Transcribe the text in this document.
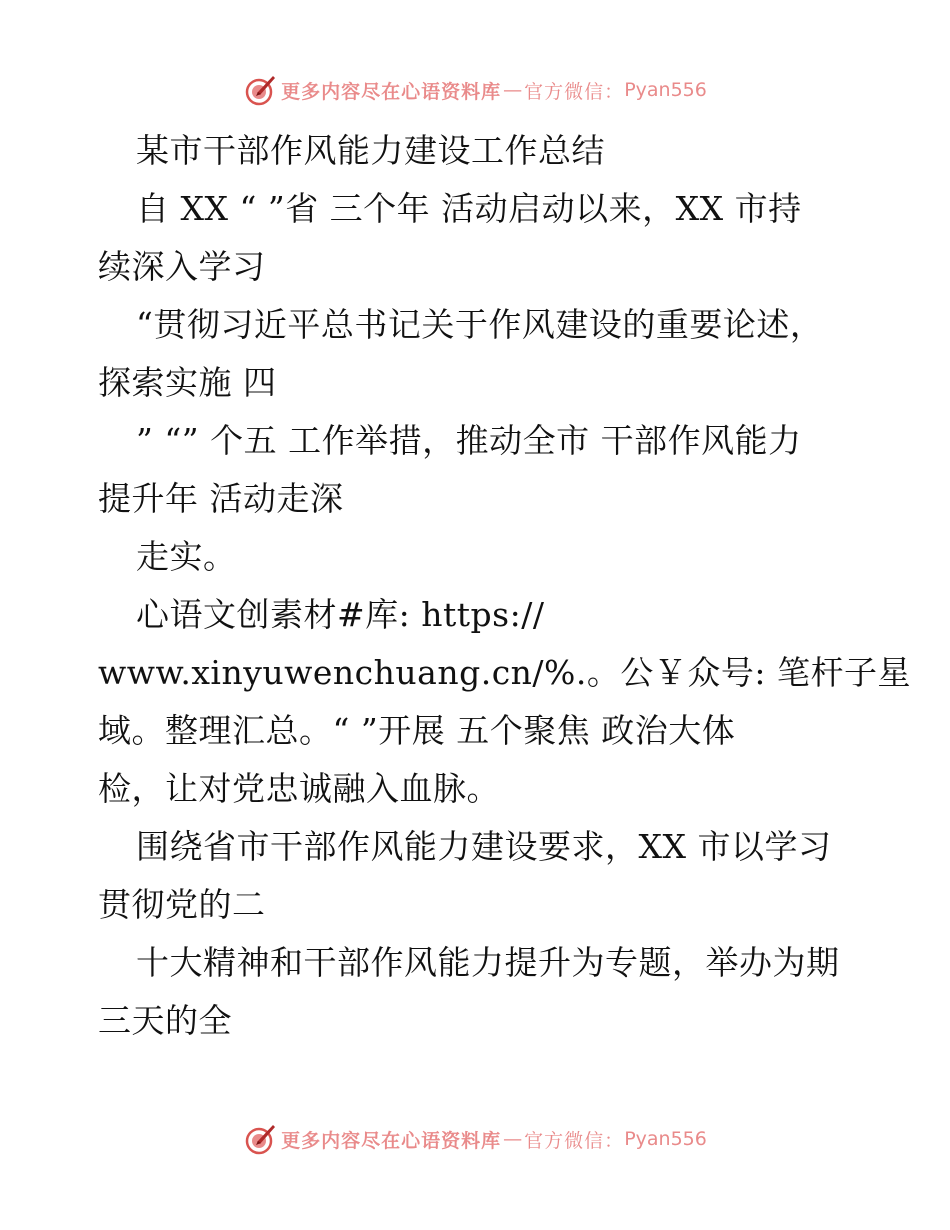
更多内容尽在心语资料库 — 官方微信： Pyan556
某市干部作风能力建设工作总结
自 XX “ ”省 三个年 活动启动以来，XX 市持
续深入学习
“贯彻习近平总书记关于作风建设的重要论述，
探索实施 四
” “” 个五 工作举措，推动全市 干部作风能力
提升年 活动走深
走实。
心语文创素材#库: https://
www.xinyuwenchuang.cn/%.。公￥众号: 笔杆子星
域。整理汇总。“ ”开展 五个聚焦 政治大体
检，让对党忠诚融入血脉。
围绕省市干部作风能力建设要求，XX 市以学习
贯彻党的二
十大精神和干部作风能力提升为专题，举办为期
三天的全
更多内容尽在心语资料库 — 官方微信： Pyan556
